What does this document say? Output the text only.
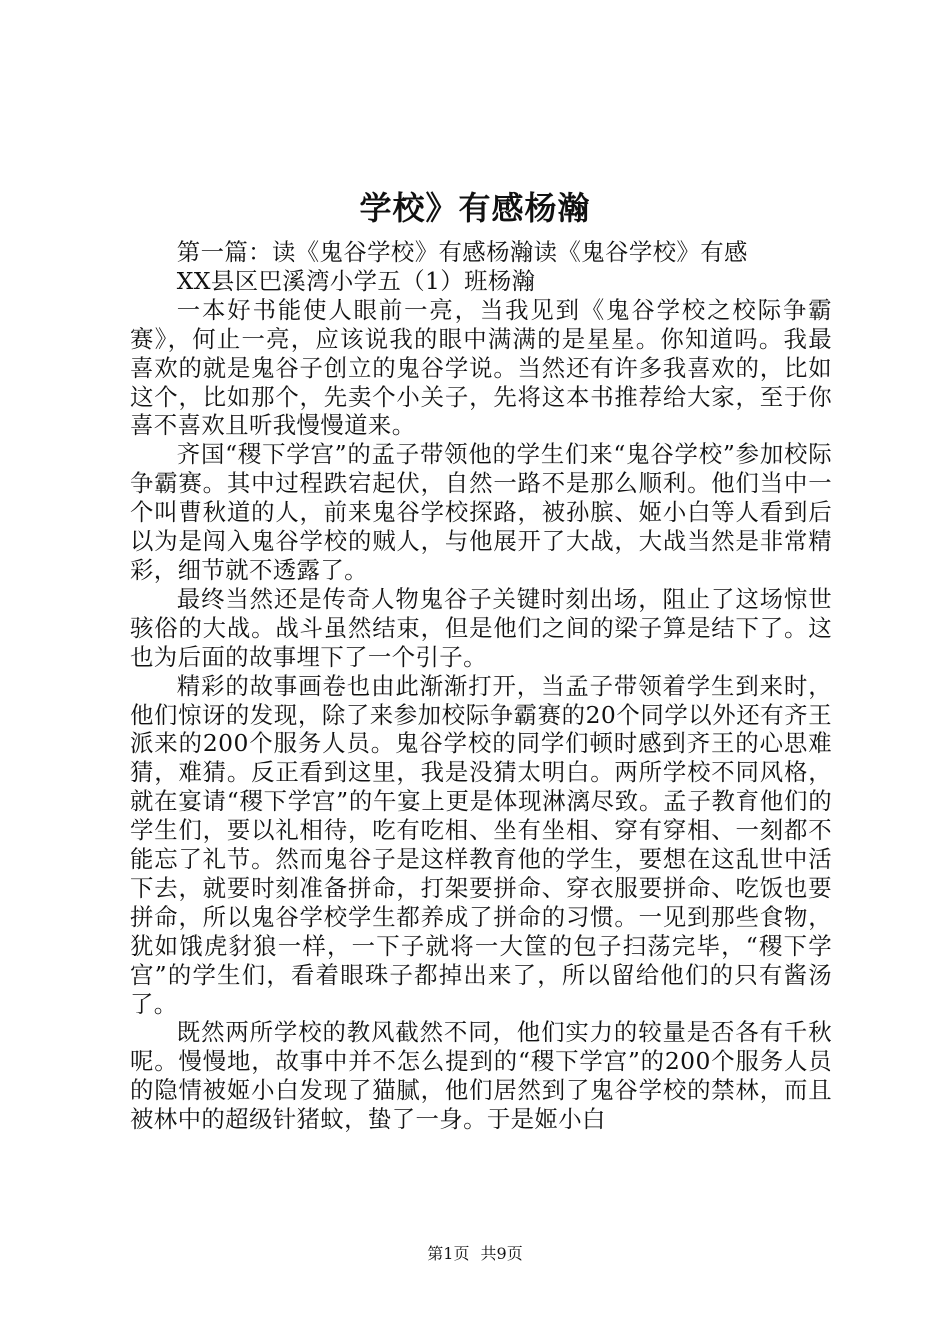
学校》有感杨瀚

第一篇：读《鬼谷学校》有感杨瀚读《鬼谷学校》有感

XX县区巴溪湾小学五（1）班杨瀚

一本好书能使人眼前一亮，当我见到《鬼谷学校之校际争霸赛》，何止一亮，应该说我的眼中满满的是星星。你知道吗。我最喜欢的就是鬼谷子创立的鬼谷学说。当然还有许多我喜欢的，比如这个，比如那个，先卖个小关子，先将这本书推荐给大家，至于你喜不喜欢且听我慢慢道来。

齐国“稷下学宫”的孟子带领他的学生们来“鬼谷学校”参加校际争霸赛。其中过程跌宕起伏，自然一路不是那么顺利。他们当中一个叫曹秋道的人，前来鬼谷学校探路，被孙膑、姬小白等人看到后以为是闯入鬼谷学校的贼人，与他展开了大战，大战当然是非常精彩，细节就不透露了。

最终当然还是传奇人物鬼谷子关键时刻出场，阻止了这场惊世骇俗的大战。战斗虽然结束，但是他们之间的梁子算是结下了。这也为后面的故事埋下了一个引子。

精彩的故事画卷也由此渐渐打开，当孟子带领着学生到来时，他们惊讶的发现，除了来参加校际争霸赛的20个同学以外还有齐王派来的200个服务人员。鬼谷学校的同学们顿时感到齐王的心思难猜，难猜。反正看到这里，我是没猜太明白。两所学校不同风格，就在宴请“稷下学宫”的午宴上更是体现淋漓尽致。孟子教育他们的学生们，要以礼相待，吃有吃相、坐有坐相、穿有穿相、一刻都不能忘了礼节。然而鬼谷子是这样教育他的学生，要想在这乱世中活下去，就要时刻准备拼命，打架要拼命、穿衣服要拼命、吃饭也要拼命，所以鬼谷学校学生都养成了拼命的习惯。一见到那些食物，犹如饿虎豺狼一样，一下子就将一大筐的包子扫荡完毕，“稷下学宫”的学生们，看着眼珠子都掉出来了，所以留给他们的只有酱汤了。

既然两所学校的教风截然不同，他们实力的较量是否各有千秋呢。慢慢地，故事中并不怎么提到的“稷下学宫”的200个服务人员的隐情被姬小白发现了猫腻，他们居然到了鬼谷学校的禁林，而且被林中的超级针猪蚊，蛰了一身。于是姬小白

第1页 共9页
